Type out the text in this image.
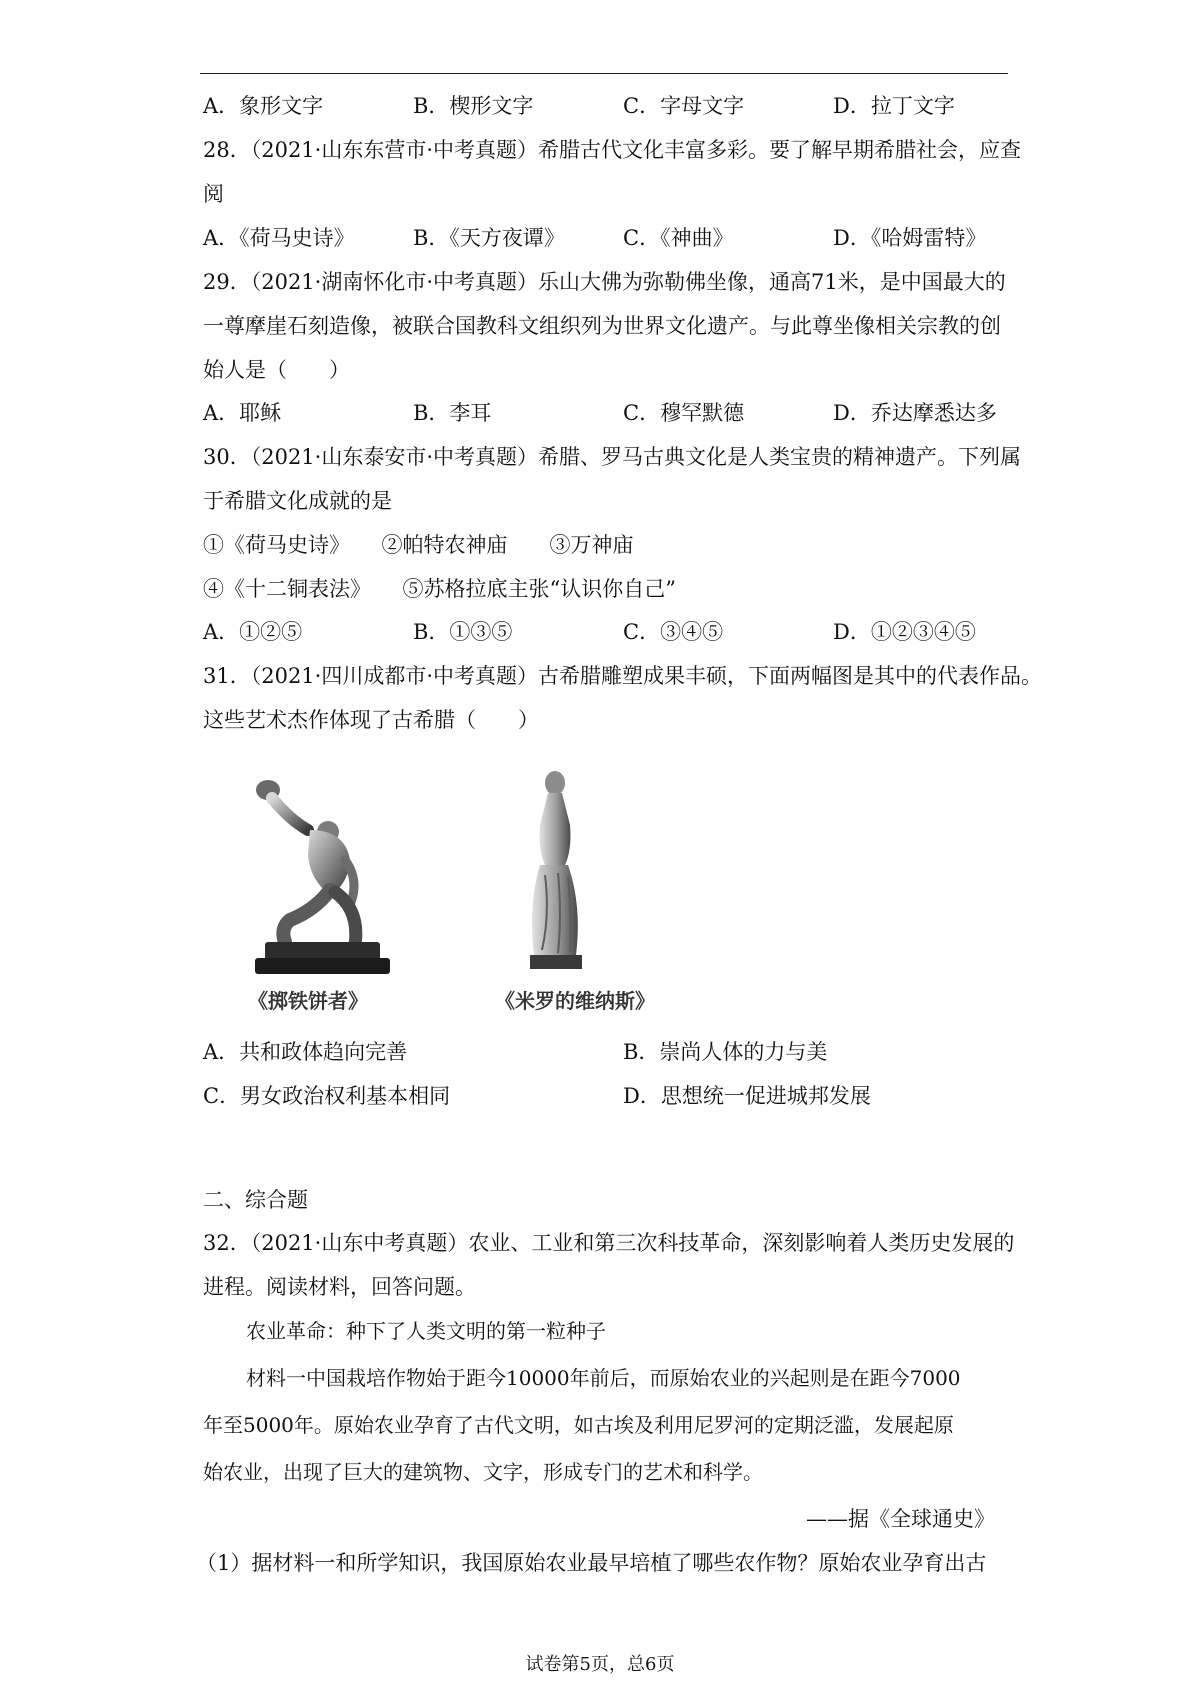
A．象形文字	B．楔形文字	C．字母文字	D．拉丁文字
28．（2021·山东东营市·中考真题）希腊古代文化丰富多彩。要了解早期希腊社会，应查
阅
A．《荷马史诗》	B．《天方夜谭》	C．《神曲》	D．《哈姆雷特》
29．（2021·湖南怀化市·中考真题）乐山大佛为弥勒佛坐像，通高71米，是中国最大的
一尊摩崖石刻造像，被联合国教科文组织列为世界文化遗产。与此尊坐像相关宗教的创
始人是（　　）
A．耶稣	B．李耳	C．穆罕默德	D．乔达摩悉达多
30．（2021·山东泰安市·中考真题）希腊、罗马古典文化是人类宝贵的精神遗产。下列属
于希腊文化成就的是
①《荷马史诗》　　②帕特农神庙　　③万神庙
④《十二铜表法》　　⑤苏格拉底主张“认识你自己”
A．①②⑤	B．①③⑤	C．③④⑤	D．①②③④⑤
31．（2021·四川成都市·中考真题）古希腊雕塑成果丰硕，下面两幅图是其中的代表作品。
这些艺术杰作体现了古希腊（　　）
《掷铁饼者》	《米罗的维纳斯》
A．共和政体趋向完善	B．崇尚人体的力与美
C．男女政治权利基本相同	D．思想统一促进城邦发展
二、综合题
32．（2021·山东中考真题）农业、工业和第三次科技革命，深刻影响着人类历史发展的
进程。阅读材料，回答问题。
农业革命：种下了人类文明的第一粒种子
材料一中国栽培作物始于距今10000年前后，而原始农业的兴起则是在距今7000
年至5000年。原始农业孕育了古代文明，如古埃及利用尼罗河的定期泛滥，发展起原
始农业，出现了巨大的建筑物、文字，形成专门的艺术和科学。
——据《全球通史》
（1）据材料一和所学知识，我国原始农业最早培植了哪些农作物？原始农业孕育出古
试卷第5页，总6页
